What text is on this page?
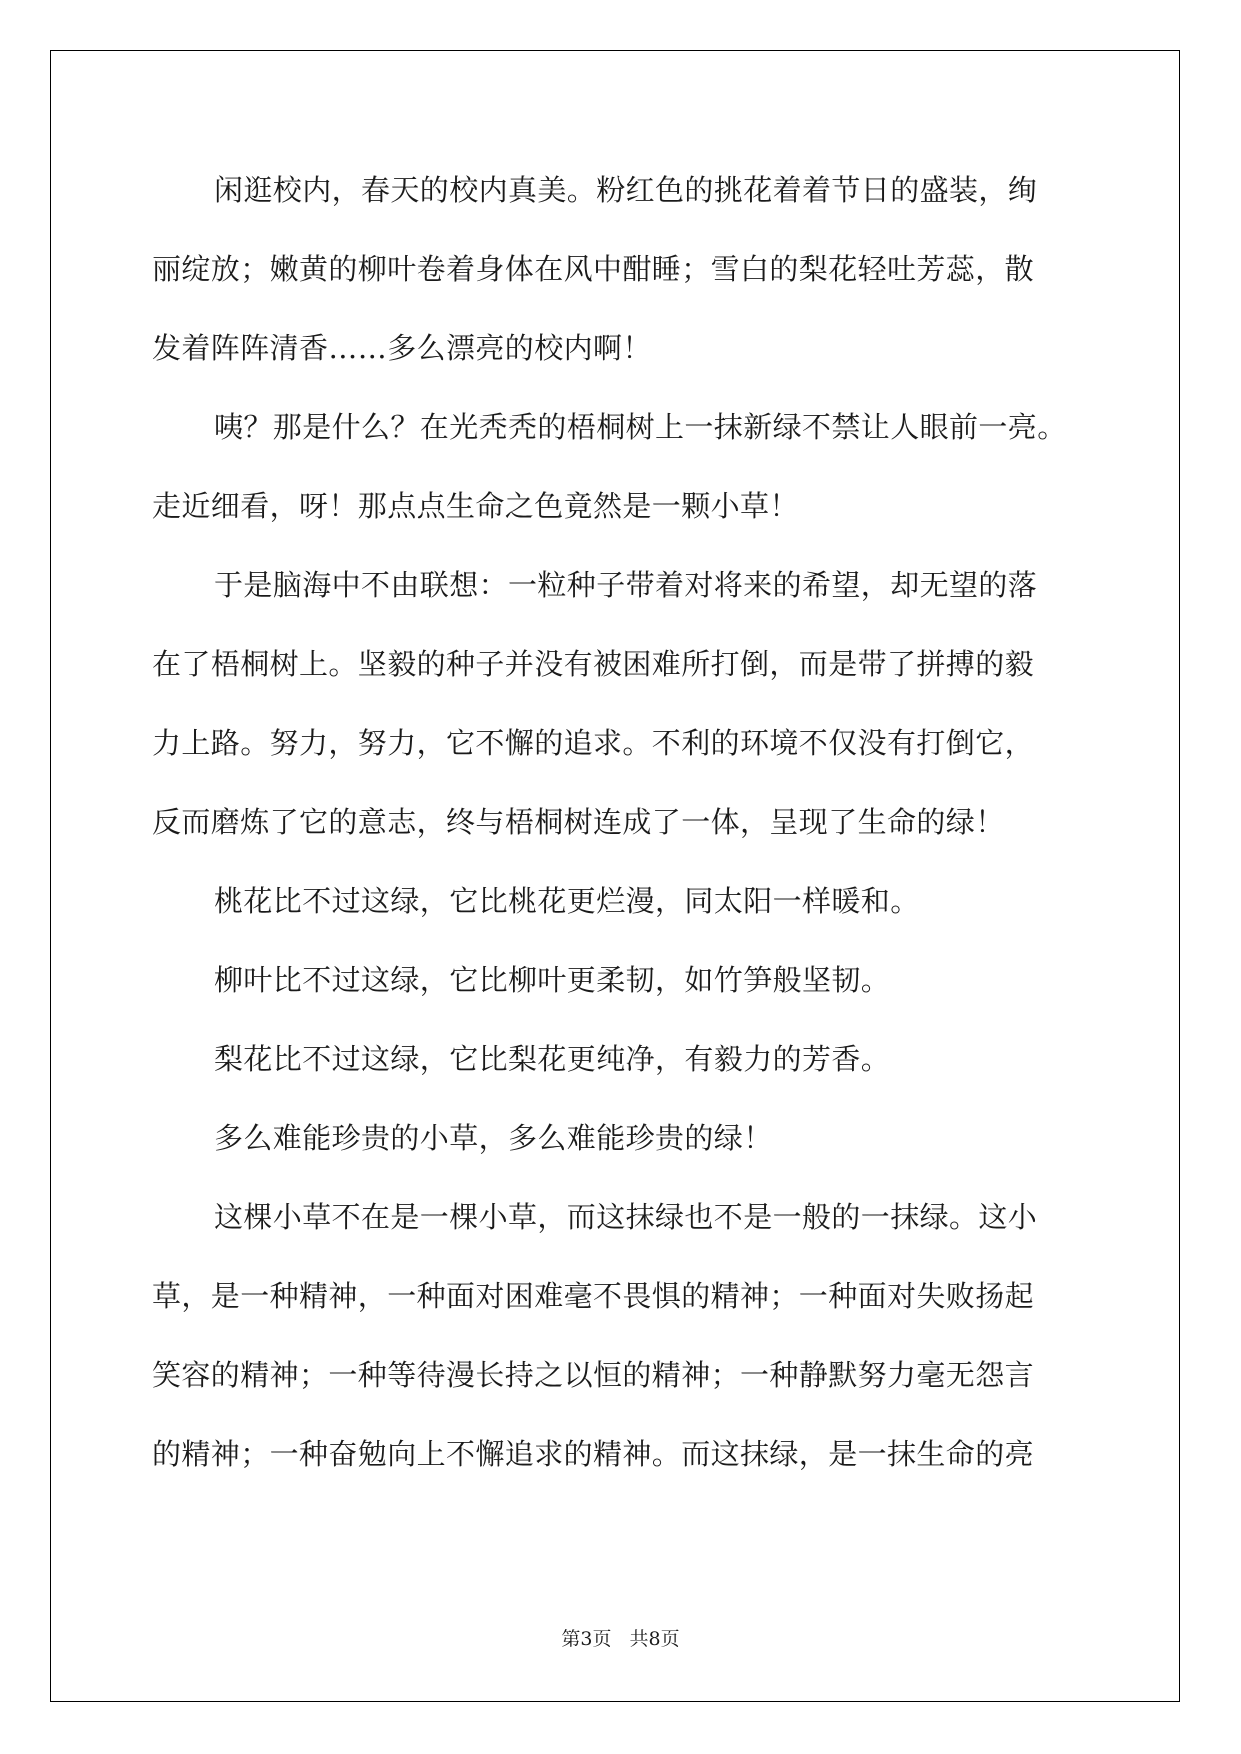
闲逛校内，春天的校内真美。粉红色的挑花着着节日的盛装，绚
丽绽放；嫩黄的柳叶卷着身体在风中酣睡；雪白的梨花轻吐芳蕊，散
发着阵阵清香……多么漂亮的校内啊！
咦？那是什么？在光秃秃的梧桐树上一抹新绿不禁让人眼前一亮。
走近细看，呀！那点点生命之色竟然是一颗小草！
于是脑海中不由联想：一粒种子带着对将来的希望，却无望的落
在了梧桐树上。坚毅的种子并没有被困难所打倒，而是带了拼搏的毅
力上路。努力，努力，它不懈的追求。不利的环境不仅没有打倒它，
反而磨炼了它的意志，终与梧桐树连成了一体，呈现了生命的绿！
桃花比不过这绿，它比桃花更烂漫，同太阳一样暖和。
柳叶比不过这绿，它比柳叶更柔韧，如竹笋般坚韧。
梨花比不过这绿，它比梨花更纯净，有毅力的芳香。
多么难能珍贵的小草，多么难能珍贵的绿！
这棵小草不在是一棵小草，而这抹绿也不是一般的一抹绿。这小
草，是一种精神，一种面对困难毫不畏惧的精神；一种面对失败扬起
笑容的精神；一种等待漫长持之以恒的精神；一种静默努力毫无怨言
的精神；一种奋勉向上不懈追求的精神。而这抹绿，是一抹生命的亮
第3页 共8页
